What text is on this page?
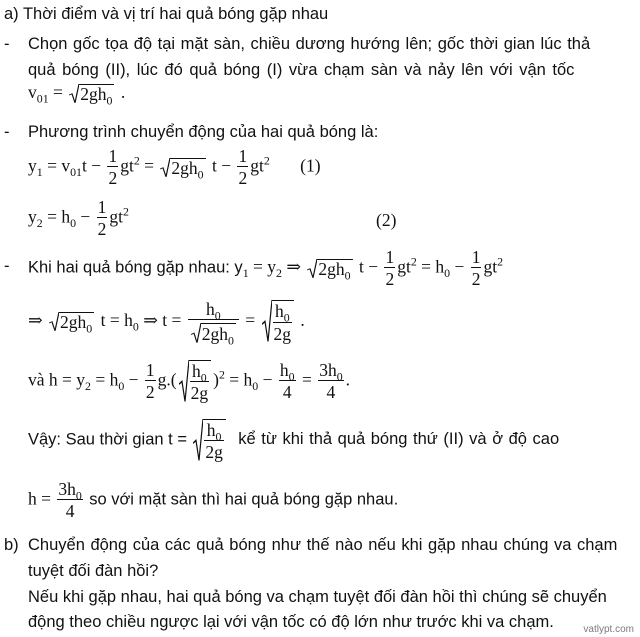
a) Thời điểm và vị trí hai quả bóng gặp nhau
- Chọn gốc tọa độ tại mặt sàn, chiều dương hướng lên; gốc thời gian lúc thả
quả bóng (II), lúc đó quả bóng (I) vừa chạm sàn và nảy lên với vận tốc
$v_{01} = 2gh_0$ .
- Phương trình chuyển động của hai quả bóng là:
$y_1 = v_{01}t - \frac{1}{2} gt^2 = 2gh_0$ $t - \frac{1}{2} gt^2$ (1)
$y_2 = h_0 - \frac{1}{2} gt^2$	(2)
- Khi hai quả bóng gặp nhau: $y_1 = y_2$ ⇒ $2gh_0$ $t - \frac{1}{2} gt^2 = h_0 - \frac{1}{2} gt^2$
⇒ $2gh_0$ $t = h_0$ ⇒ $t = \frac{h_0}{2gh_0} = \frac{h_0}{2g}$ .
và $h = y_2 = h_0 - \frac{1}{2} g.( \frac{h_0}{2g} )^2 = h_0 - \frac{h_0}{4} = \frac{3h_0}{4}$ .
Vậy: Sau thời gian $t = \frac{h_0}{2g}$ kể từ khi thả quả bóng thứ (II) và ở độ cao
$h = \frac{3h_0}{4}$ so với mặt sàn thì hai quả bóng gặp nhau.
b) Chuyển động của các quả bóng như thế nào nếu khi gặp nhau chúng va chạm
tuyệt đối đàn hồi?
Nếu khi gặp nhau, hai quả bóng va chạm tuyệt đối đàn hồi thì chúng sẽ chuyển
động theo chiều ngược lại với vận tốc có độ lớn như trước khi va chạm.	vatlypt.com
